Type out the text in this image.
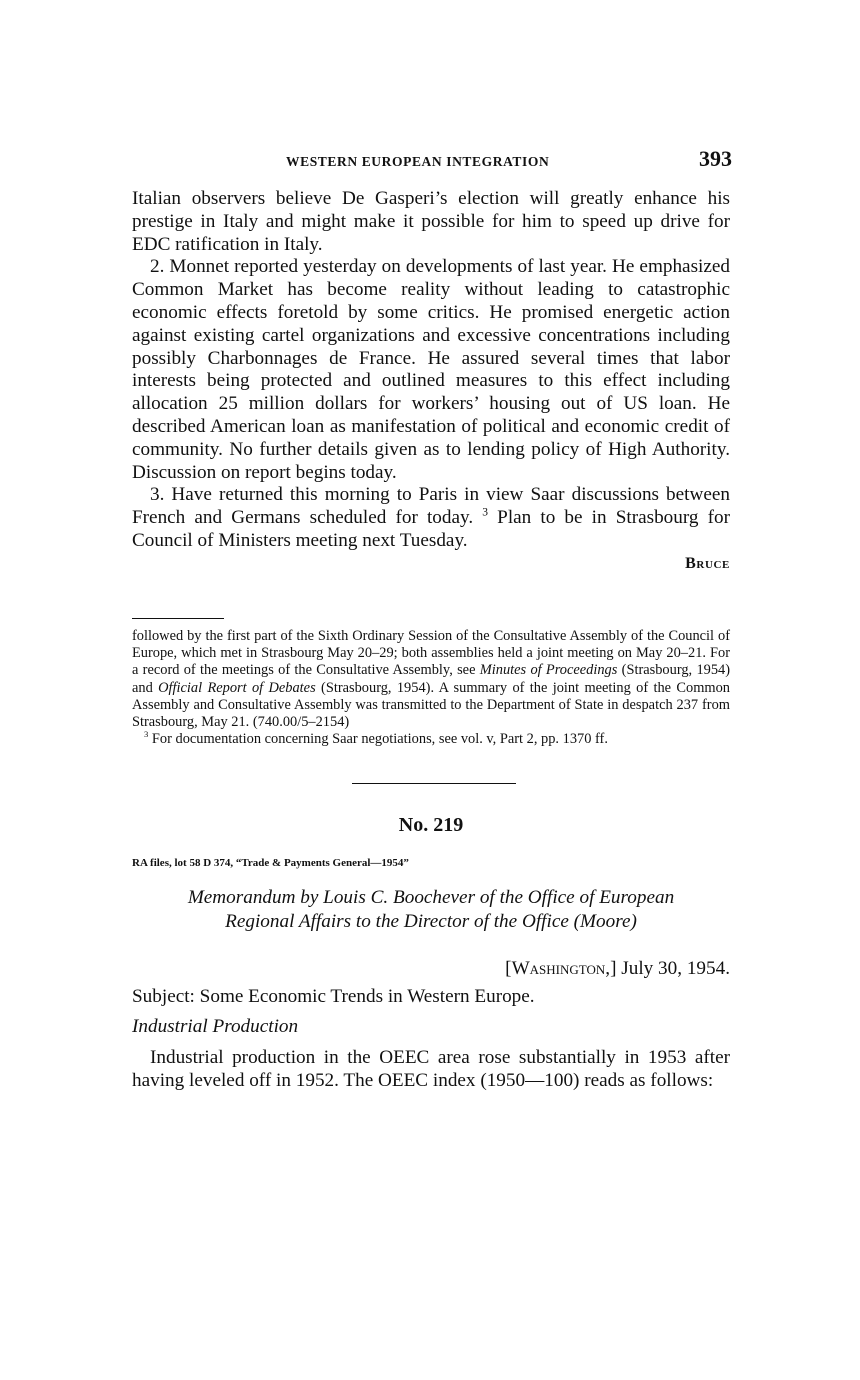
WESTERN EUROPEAN INTEGRATION	393

Italian observers believe De Gasperi’s election will greatly enhance his prestige in Italy and might make it possible for him to speed up drive for EDC ratification in Italy.

2. Monnet reported yesterday on developments of last year. He emphasized Common Market has become reality without leading to catastrophic economic effects foretold by some critics. He promised energetic action against existing cartel organizations and excessive concentrations including possibly Charbonnages de France. He assured several times that labor interests being protected and outlined measures to this effect including allocation 25 million dollars for workers’ housing out of US loan. He described American loan as manifestation of political and economic credit of community. No further details given as to lending policy of High Authority. Discussion on report begins today.

3. Have returned this morning to Paris in view Saar discussions between French and Germans scheduled for today. $^3$ Plan to be in Strasbourg for Council of Ministers meeting next Tuesday.

Bruce

followed by the first part of the Sixth Ordinary Session of the Consultative Assembly of the Council of Europe, which met in Strasbourg May 20–29; both assemblies held a joint meeting on May 20–21. For a record of the meetings of the Consultative Assembly, see Minutes of Proceedings (Strasbourg, 1954) and Official Report of Debates (Strasbourg, 1954). A summary of the joint meeting of the Common Assembly and Consultative Assembly was transmitted to the Department of State in despatch 237 from Strasbourg, May 21. (740.00/5–2154)

$^3$ For documentation concerning Saar negotiations, see vol. v, Part 2, pp. 1370 ff.

No. 219
RA files, lot 58 D 374, “Trade & Payments General—1954”
Memorandum by Louis C. Boochever of the Office of European
Regional Affairs to the Director of the Office (Moore)
[Washington,] July 30, 1954.
Subject: Some Economic Trends in Western Europe.
Industrial Production

Industrial production in the OEEC area rose substantially in 1953 after having leveled off in 1952. The OEEC index (1950—100) reads as follows:
